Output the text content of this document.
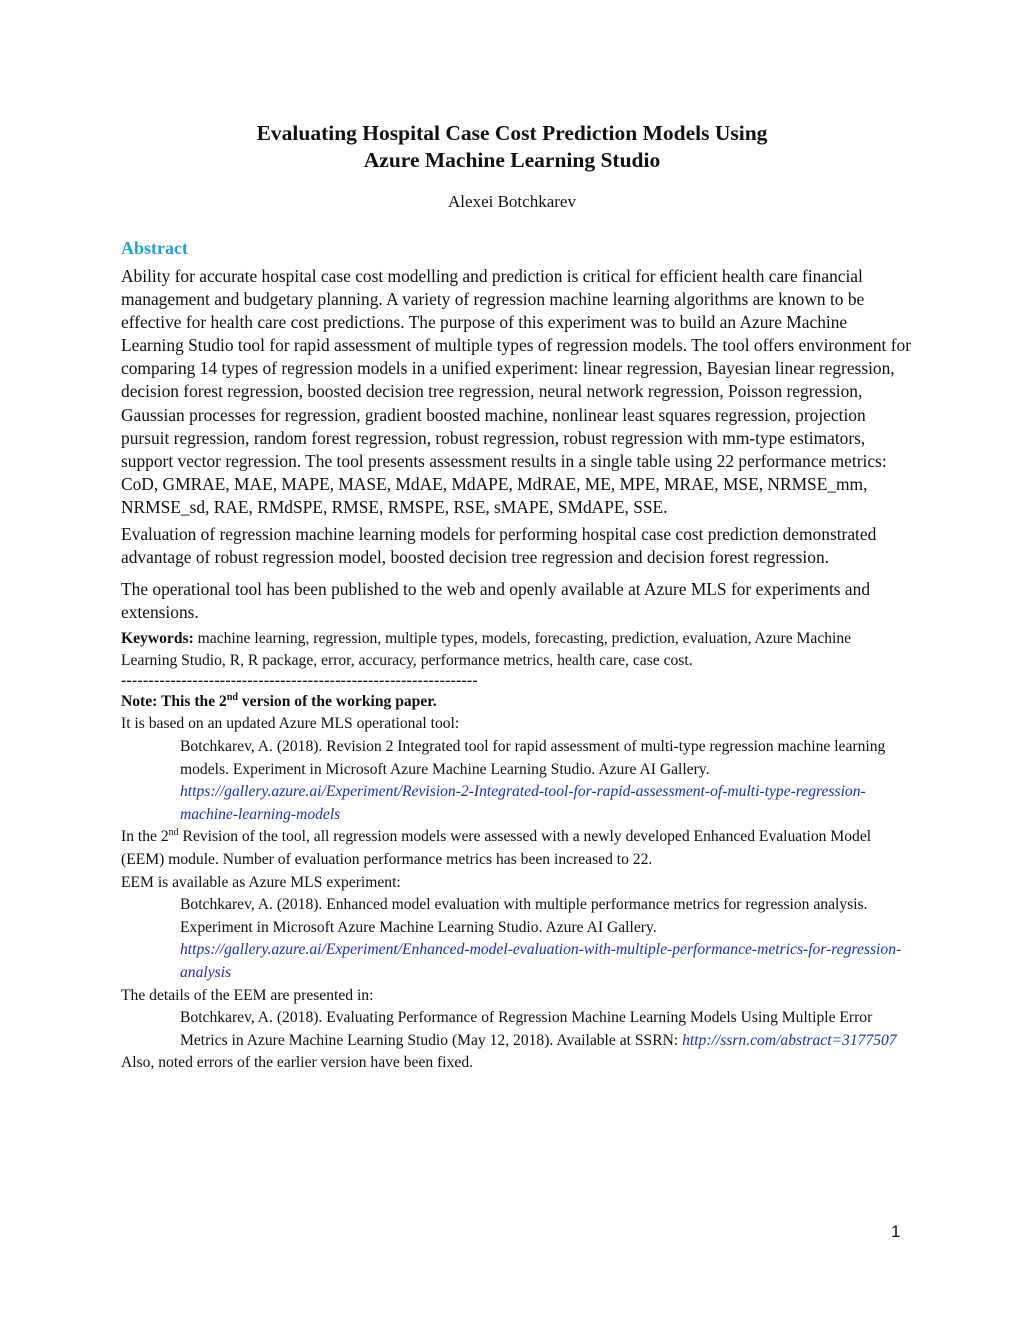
Evaluating Hospital Case Cost Prediction Models Using
Azure Machine Learning Studio
Alexei Botchkarev
Abstract

Ability for accurate hospital case cost modelling and prediction is critical for efficient health care financial management and budgetary planning. A variety of regression machine learning algorithms are known to be effective for health care cost predictions. The purpose of this experiment was to build an Azure Machine Learning Studio tool for rapid assessment of multiple types of regression models. The tool offers environment for comparing 14 types of regression models in a unified experiment: linear regression, Bayesian linear regression, decision forest regression, boosted decision tree regression, neural network regression, Poisson regression, Gaussian processes for regression, gradient boosted machine, nonlinear least squares regression, projection pursuit regression, random forest regression, robust regression, robust regression with mm-type estimators, support vector regression. The tool presents assessment results in a single table using 22 performance metrics: CoD, GMRAE, MAE, MAPE, MASE, MdAE, MdAPE, MdRAE, ME, MPE, MRAE, MSE, NRMSE_mm, NRMSE_sd, RAE, RMdSPE, RMSE, RMSPE, RSE, sMAPE, SMdAPE, SSE.

Evaluation of regression machine learning models for performing hospital case cost prediction demonstrated advantage of robust regression model, boosted decision tree regression and decision forest regression.

The operational tool has been published to the web and openly available at Azure MLS for experiments and extensions.

Keywords: machine learning, regression, multiple types, models, forecasting, prediction, evaluation, Azure Machine Learning Studio, R, R package, error, accuracy, performance metrics, health care, case cost.

-----------------------------------------------------------------

Note: This the 2nd version of the working paper.

It is based on an updated Azure MLS operational tool:

Botchkarev, A. (2018). Revision 2 Integrated tool for rapid assessment of multi-type regression machine learning models. Experiment in Microsoft Azure Machine Learning Studio. Azure AI Gallery. https://gallery.azure.ai/Experiment/Revision-2-Integrated-tool-for-rapid-assessment-of-multi-type-regression-machine-learning-models

In the 2nd Revision of the tool, all regression models were assessed with a newly developed Enhanced Evaluation Model (EEM) module. Number of evaluation performance metrics has been increased to 22.

EEM is available as Azure MLS experiment:

Botchkarev, A. (2018). Enhanced model evaluation with multiple performance metrics for regression analysis. Experiment in Microsoft Azure Machine Learning Studio. Azure AI Gallery. https://gallery.azure.ai/Experiment/Enhanced-model-evaluation-with-multiple-performance-metrics-for-regression-analysis

The details of the EEM are presented in:

Botchkarev, A. (2018). Evaluating Performance of Regression Machine Learning Models Using Multiple Error Metrics in Azure Machine Learning Studio (May 12, 2018). Available at SSRN: http://ssrn.com/abstract=3177507

Also, noted errors of the earlier version have been fixed.

1
